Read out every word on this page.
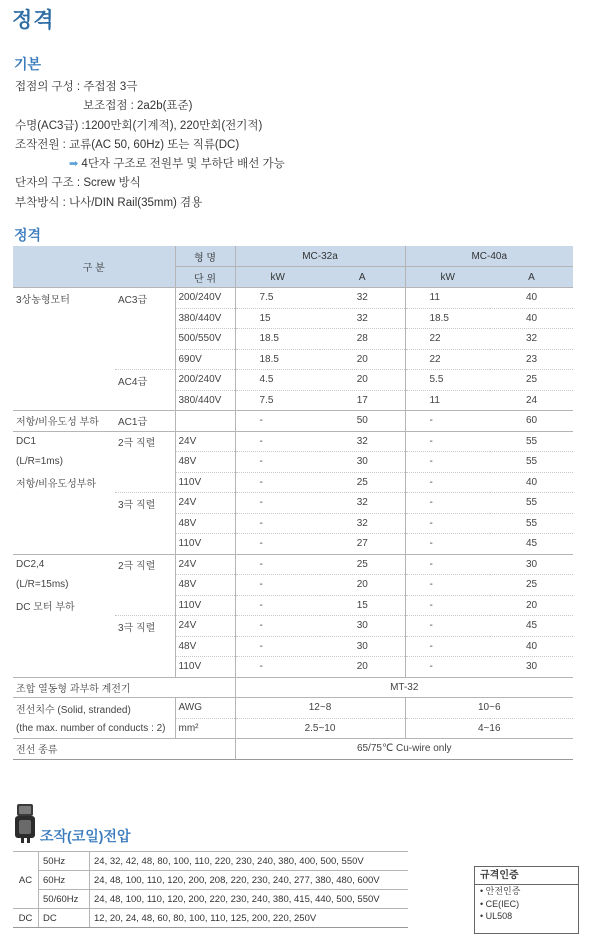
정격
기본
접점의 구성 : 주접점 3극
보조접점 : 2a2b(표준)
수명(AC3급) :1200만회(기계적), 220만회(전기적)
조작전원 : 교류(AC 50, 60Hz) 또는 직류(DC)
➡ 4단자 구조로 전원부 및 부하단 배선 가능
단자의 구조 : Screw 방식
부착방식 : 나사/DIN Rail(35mm) 겸용
정격
구 분		형 명	MC-32a		MC-40a	
		단 위	kW	A	kW	A
3상농형모터	AC3급	200/240V	7.5	32	11	40
		380/440V	15	32	18.5	40
		500/550V	18.5	28	22	32
		690V	18.5	20	22	23
	AC4급	200/240V	4.5	20	5.5	25
		380/440V	7.5	17	11	24
저항/비유도성 부하	AC1급		-	50	-	60
DC1	2극 직렬	24V	-	32	-	55
(L/R=1ms)		48V	-	30	-	55
저항/비유도성부하		110V	-	25	-	40
	3극 직렬	24V	-	32	-	55
		48V	-	32	-	55
		110V	-	27	-	45
DC2,4	2극 직렬	24V	-	25	-	30
(L/R=15ms)		48V	-	20	-	25
DC 모터 부하		110V	-	15	-	20
	3극 직렬	24V	-	30	-	45
		48V	-	30	-	40
		110V	-	20	-	30
조합 열동형 과부하 계전기			MT-32			
전선치수 (Solid, stranded)		AWG	12~8		10~6	
(the max. number of conducts : 2)		mm²	2.5~10		4~16	
전선 종류			65/75℃ Cu-wire only			
조작(코일)전압
AC	50Hz	24, 32, 42, 48, 80, 100, 110, 220, 230, 240, 380, 400, 500, 550V
	60Hz	24, 48, 100, 110, 120, 200, 208, 220, 230, 240, 277, 380, 480, 600V
	50/60Hz	24, 48, 100, 110, 120, 200, 220, 230, 240, 380, 415, 440, 500, 550V
DC	DC	12, 20, 24, 48, 60, 80, 100, 110, 125, 200, 220, 250V
규격인증
• 안전인증
• CE(IEC)
• UL508
